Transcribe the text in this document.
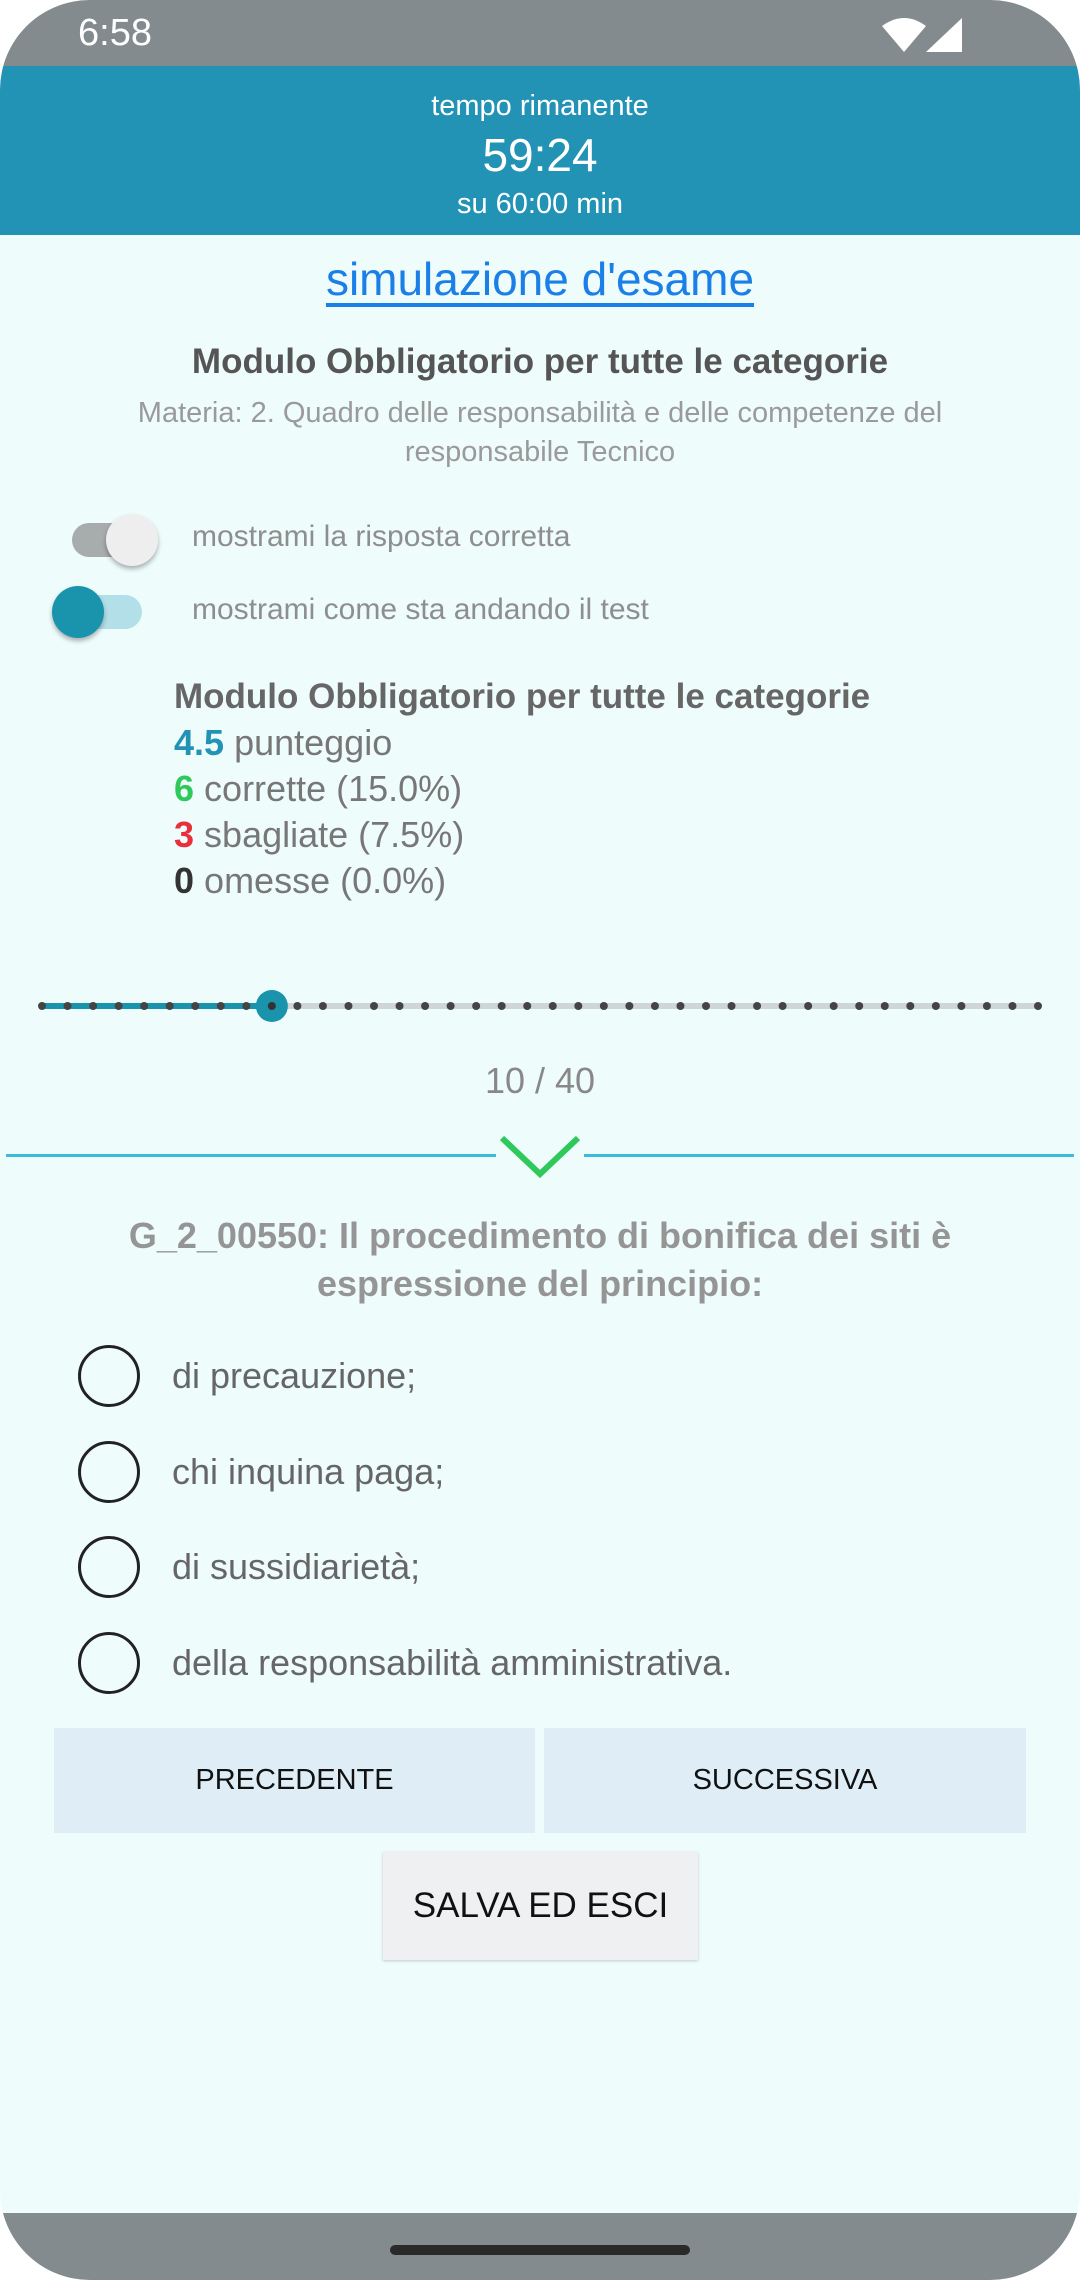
6:58
tempo rimanente
59:24
su 60:00 min
simulazione d'esame
Modulo Obbligatorio per tutte le categorie
Materia: 2. Quadro delle responsabilità e delle competenze del responsabile Tecnico
mostrami la risposta corretta
mostrami come sta andando il test
Modulo Obbligatorio per tutte le categorie
4.5 punteggio
6 corrette (15.0%)
3 sbagliate (7.5%)
0 omesse (0.0%)
10 / 40
G_2_00550: Il procedimento di bonifica dei siti è espressione del principio:
di precauzione;
chi inquina paga;
di sussidiarietà;
della responsabilità amministrativa.
PRECEDENTE	SUCCESSIVA
SALVA ED ESCI
